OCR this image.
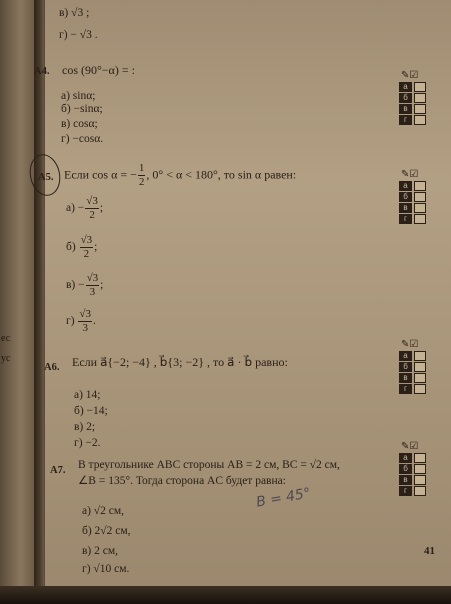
ес
ус
в) √3 ;
г) − √3 .
А4. cos (90°−α) = :
а) sinα;
б) −sinα;
в) cosα;
г) −cosα.
А5. Если cos α = − $\frac{1}{2}$ , 0° < α < 180°, то sin α равен:
$а) - \frac{√3}{2}$ ;
$б) \frac{√3}{2}$ ;
$в) - \frac{√3}{3}$ ;
$г) \frac{√3}{3}$ .
А6. Если a⃗{−2; −4} , b⃗{3; −2} , то a⃗ · b⃗ равно:
а) 14;
б) −14;
в) 2;
г) −2.
А7. В треугольнике ABC стороны AB = 2 см, BC = √2 см,
∠B = 135°. Тогда сторона AC будет равна:
а) √2 см,
б) 2√2 см,
в) 2 см,
г) √10 см.
B = 45°
41
✎☑
а
б
в
г
✎☑
а
б
в
г
✎☑
а
б
в
г
✎☑
а
б
в
г
